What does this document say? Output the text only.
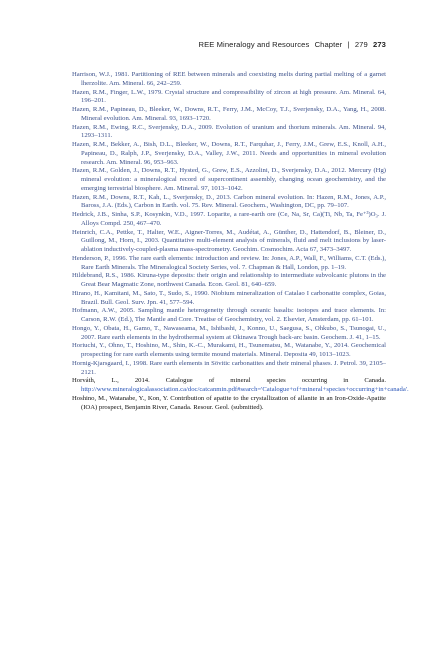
REE Mineralogy and Resources Chapter | 279 273

Harrison, W.J., 1981. Partitioning of REE between minerals and coexisting melts during partial melting of a garnet lherzolite. Am. Mineral. 66, 242–259.

Hazen, R.M., Finger, L.W., 1979. Crystal structure and compressibility of zircon at high pressure. Am. Mineral. 64, 196–201.

Hazen, R.M., Papineau, D., Bleeker, W., Downs, R.T., Ferry, J.M., McCoy, T.J., Sverjensky, D.A., Yang, H., 2008. Mineral evolution. Am. Mineral. 93, 1693–1720.

Hazen, R.M., Ewing, R.C., Sverjensky, D.A., 2009. Evolution of uranium and thorium minerals. Am. Mineral. 94, 1293–1311.

Hazen, R.M., Bekker, A., Bish, D.L., Bleeker, W., Downs, R.T., Farquhar, J., Ferry, J.M., Grew, E.S., Knoll, A.H., Papineau, D., Ralph, J.P., Sverjensky, D.A., Valley, J.W., 2011. Needs and opportunities in mineral evolution research. Am. Mineral. 96, 953–963.

Hazen, R.M., Golden, J., Downs, R.T., Hysted, G., Grew, E.S., Azzolini, D., Sverjensky, D.A., 2012. Mercury (Hg) mineral evolution: a mineralogical record of supercontinent assembly, changing ocean geochemistry, and the emerging terrestrial biosphere. Am. Mineral. 97, 1013–1042.

Hazen, R.M., Downs, R.T., Kah, L., Sverjensky, D., 2013. Carbon mineral evolution. In: Hazen, R.M., Jones, A.P., Baross, J.A. (Eds.), Carbon in Earth. vol. 75. Rev. Mineral. Geochem., Washington, DC, pp. 79–107.

Hedrick, J.B., Sinha, S.P., Kosynkin, V.D., 1997. Loparite, a rare-earth ore (Ce, Na, Sr, Ca)(Ti, Nb, Ta, Fe⁺³)O₃. J. Alloys Compd. 250, 467–470.

Heinrich, C.A., Pettke, T., Halter, W.E., Aigner-Torres, M., Audétat, A., Günther, D., Hattendorf, B., Bleiner, D., Guillong, M., Horn, I., 2003. Quantitative multi-element analysis of minerals, fluid and melt inclusions by laser-ablation inductively-coupled-plasma mass-spectrometry. Geochim. Cosmochim. Acta 67, 3473–3497.

Henderson, P., 1996. The rare earth elements: introduction and review. In: Jones, A.P., Wall, F., Williams, C.T. (Eds.), Rare Earth Minerals. The Mineralogical Society Series, vol. 7. Chapman & Hall, London, pp. 1–19.

Hildebrand, R.S., 1986. Kiruna-type deposits: their origin and relationship to intermediate subvolcanic plutons in the Great Bear Magmatic Zone, northwest Canada. Econ. Geol. 81, 640–659.

Hirano, H., Kamitani, M., Sato, T., Sudo, S., 1990. Niobium mineralization of Catalao I carbonatite complex, Goias, Brazil. Bull. Geol. Surv. Jpn. 41, 577–594.

Hofmann, A.W., 2005. Sampling mantle heterogeneity through oceanic basalts: isotopes and trace elements. In: Carson, R.W. (Ed.), The Mantle and Core. Treatise of Geochemistry, vol. 2. Elsevier, Amsterdam, pp. 61–101.

Hongo, Y., Obata, H., Gamo, T., Nawaseama, M., Ishibashi, J., Konno, U., Saegusa, S., Ohkubo, S., Tsunogai, U., 2007. Rare earth elements in the hydrothermal system at Okinawa Trough back-arc basin. Geochem. J. 41, 1–15.

Horiuchi, Y., Ohno, T., Hoshino, M., Shin, K.-C., Murakami, H., Tsunematsu, M., Watanabe, Y., 2014. Geochemical prospecting for rare earth elements using termite mound materials. Mineral. Deposita 49, 1013–1023.

Hornig-Kjarsgaard, I., 1998. Rare earth elements in Sövitic carbonatites and their mineral phases. J. Petrol. 39, 2105–2121.

Horváth, L., 2014. Catalogue of mineral species occurring in Canada. http://www.mineralogicalassociation.ca/doc/catcanmin.pdf#search='Catalogue+of+mineral+species+occurring+in+canada'.

Hoshino, M., Watanabe, Y., Kon, Y. Contribution of apatite to the crystallization of allanite in an Iron-Oxide-Apatite (IOA) prospect, Benjamin River, Canada. Resour. Geol. (submitted).
